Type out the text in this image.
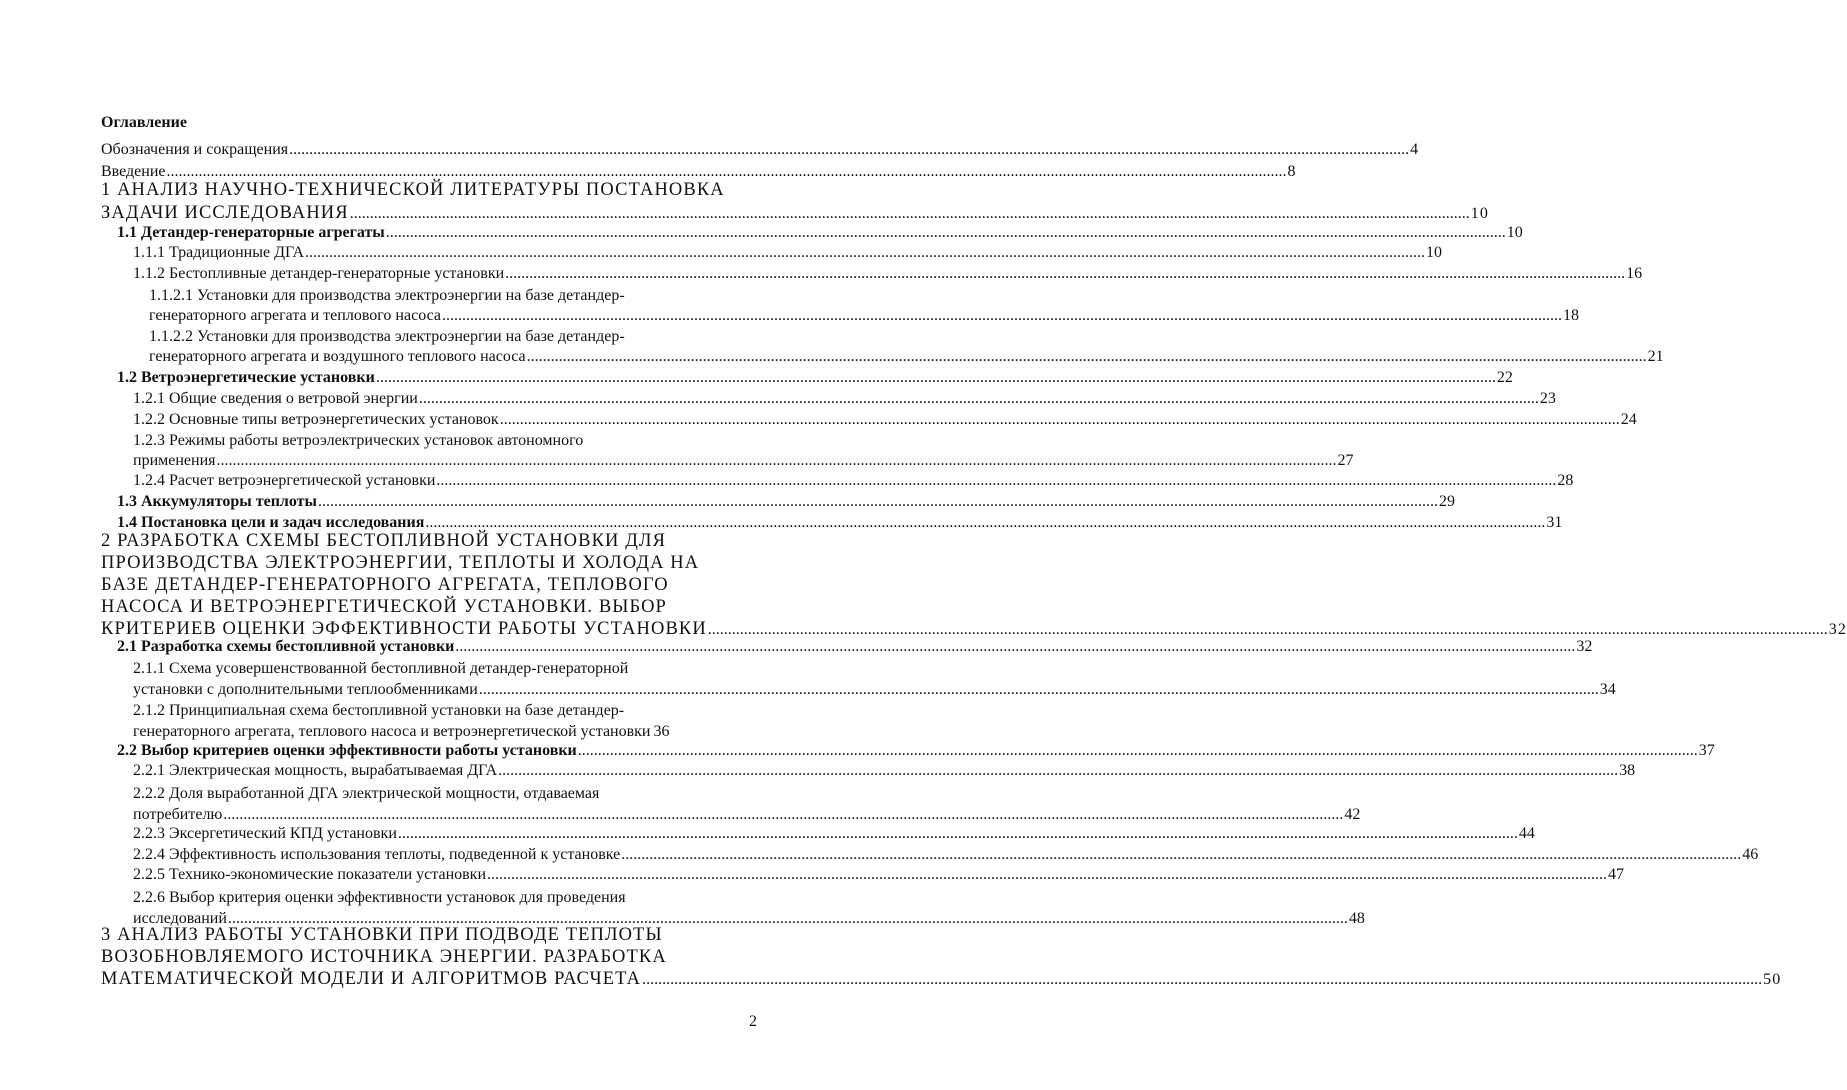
Оглавление
Обозначения и сокращения .....	4
Введение .....	8
1 АНАЛИЗ НАУЧНО-ТЕХНИЧЕСКОЙ ЛИТЕРАТУРЫ ПОСТАНОВКА
ЗАДАЧИ ИССЛЕДОВАНИЯ .....	10
1.1 Детандер-генераторные агрегаты .....	10
1.1.1 Традиционные ДГА .....	10
1.1.2 Бестопливные детандер-генераторные установки .....	16
1.1.2.1 Установки для производства электроэнергии на базе детандер-
генераторного агрегата и теплового насоса .....	18
1.1.2.2 Установки для производства электроэнергии на базе детандер-
генераторного агрегата и воздушного теплового насоса .....	21
1.2 Ветроэнергетические установки .....	22
1.2.1 Общие сведения о ветровой энергии .....	23
1.2.2 Основные типы ветроэнергетических установок .....	24
1.2.3 Режимы работы ветроэлектрических установок автономного
применения .....	27
1.2.4 Расчет ветроэнергетической установки .....	28
1.3 Аккумуляторы теплоты .....	29
1.4 Постановка цели и задач исследования .....	31
2 РАЗРАБОТКА СХЕМЫ БЕСТОПЛИВНОЙ УСТАНОВКИ ДЛЯ
ПРОИЗВОДСТВА ЭЛЕКТРОЭНЕРГИИ, ТЕПЛОТЫ И ХОЛОДА НА
БАЗЕ ДЕТАНДЕР-ГЕНЕРАТОРНОГО АГРЕГАТА, ТЕПЛОВОГО
НАСОСА И ВЕТРОЭНЕРГЕТИЧЕСКОЙ УСТАНОВКИ. ВЫБОР
КРИТЕРИЕВ ОЦЕНКИ ЭФФЕКТИВНОСТИ РАБОТЫ УСТАНОВКИ .....	32
2.1 Разработка схемы бестопливной установки .....	32
2.1.1 Схема усовершенствованной бестопливной детандер-генераторной
установки с дополнительными теплообменниками .....	34
2.1.2 Принципиальная схема бестопливной установки на базе детандер-
генераторного агрегата, теплового насоса и ветроэнергетической установки 36
2.2 Выбор критериев оценки эффективности работы установки .....	37
2.2.1 Электрическая мощность, вырабатываемая ДГА .....	38
2.2.2 Доля выработанной ДГА электрической мощности, отдаваемая
потребителю .....	42
2.2.3 Эксергетический КПД установки .....	44
2.2.4 Эффективность использования теплоты, подведенной к установке .....	46
2.2.5 Технико-экономические показатели установки .....	47
2.2.6 Выбор критерия оценки эффективности установок для проведения
исследований .....	48
3 АНАЛИЗ РАБОТЫ УСТАНОВКИ ПРИ ПОДВОДЕ ТЕПЛОТЫ
ВОЗОБНОВЛЯЕМОГО ИСТОЧНИКА ЭНЕРГИИ. РАЗРАБОТКА
МАТЕМАТИЧЕСКОЙ МОДЕЛИ И АЛГОРИТМОВ РАСЧЕТА .....	50
2
